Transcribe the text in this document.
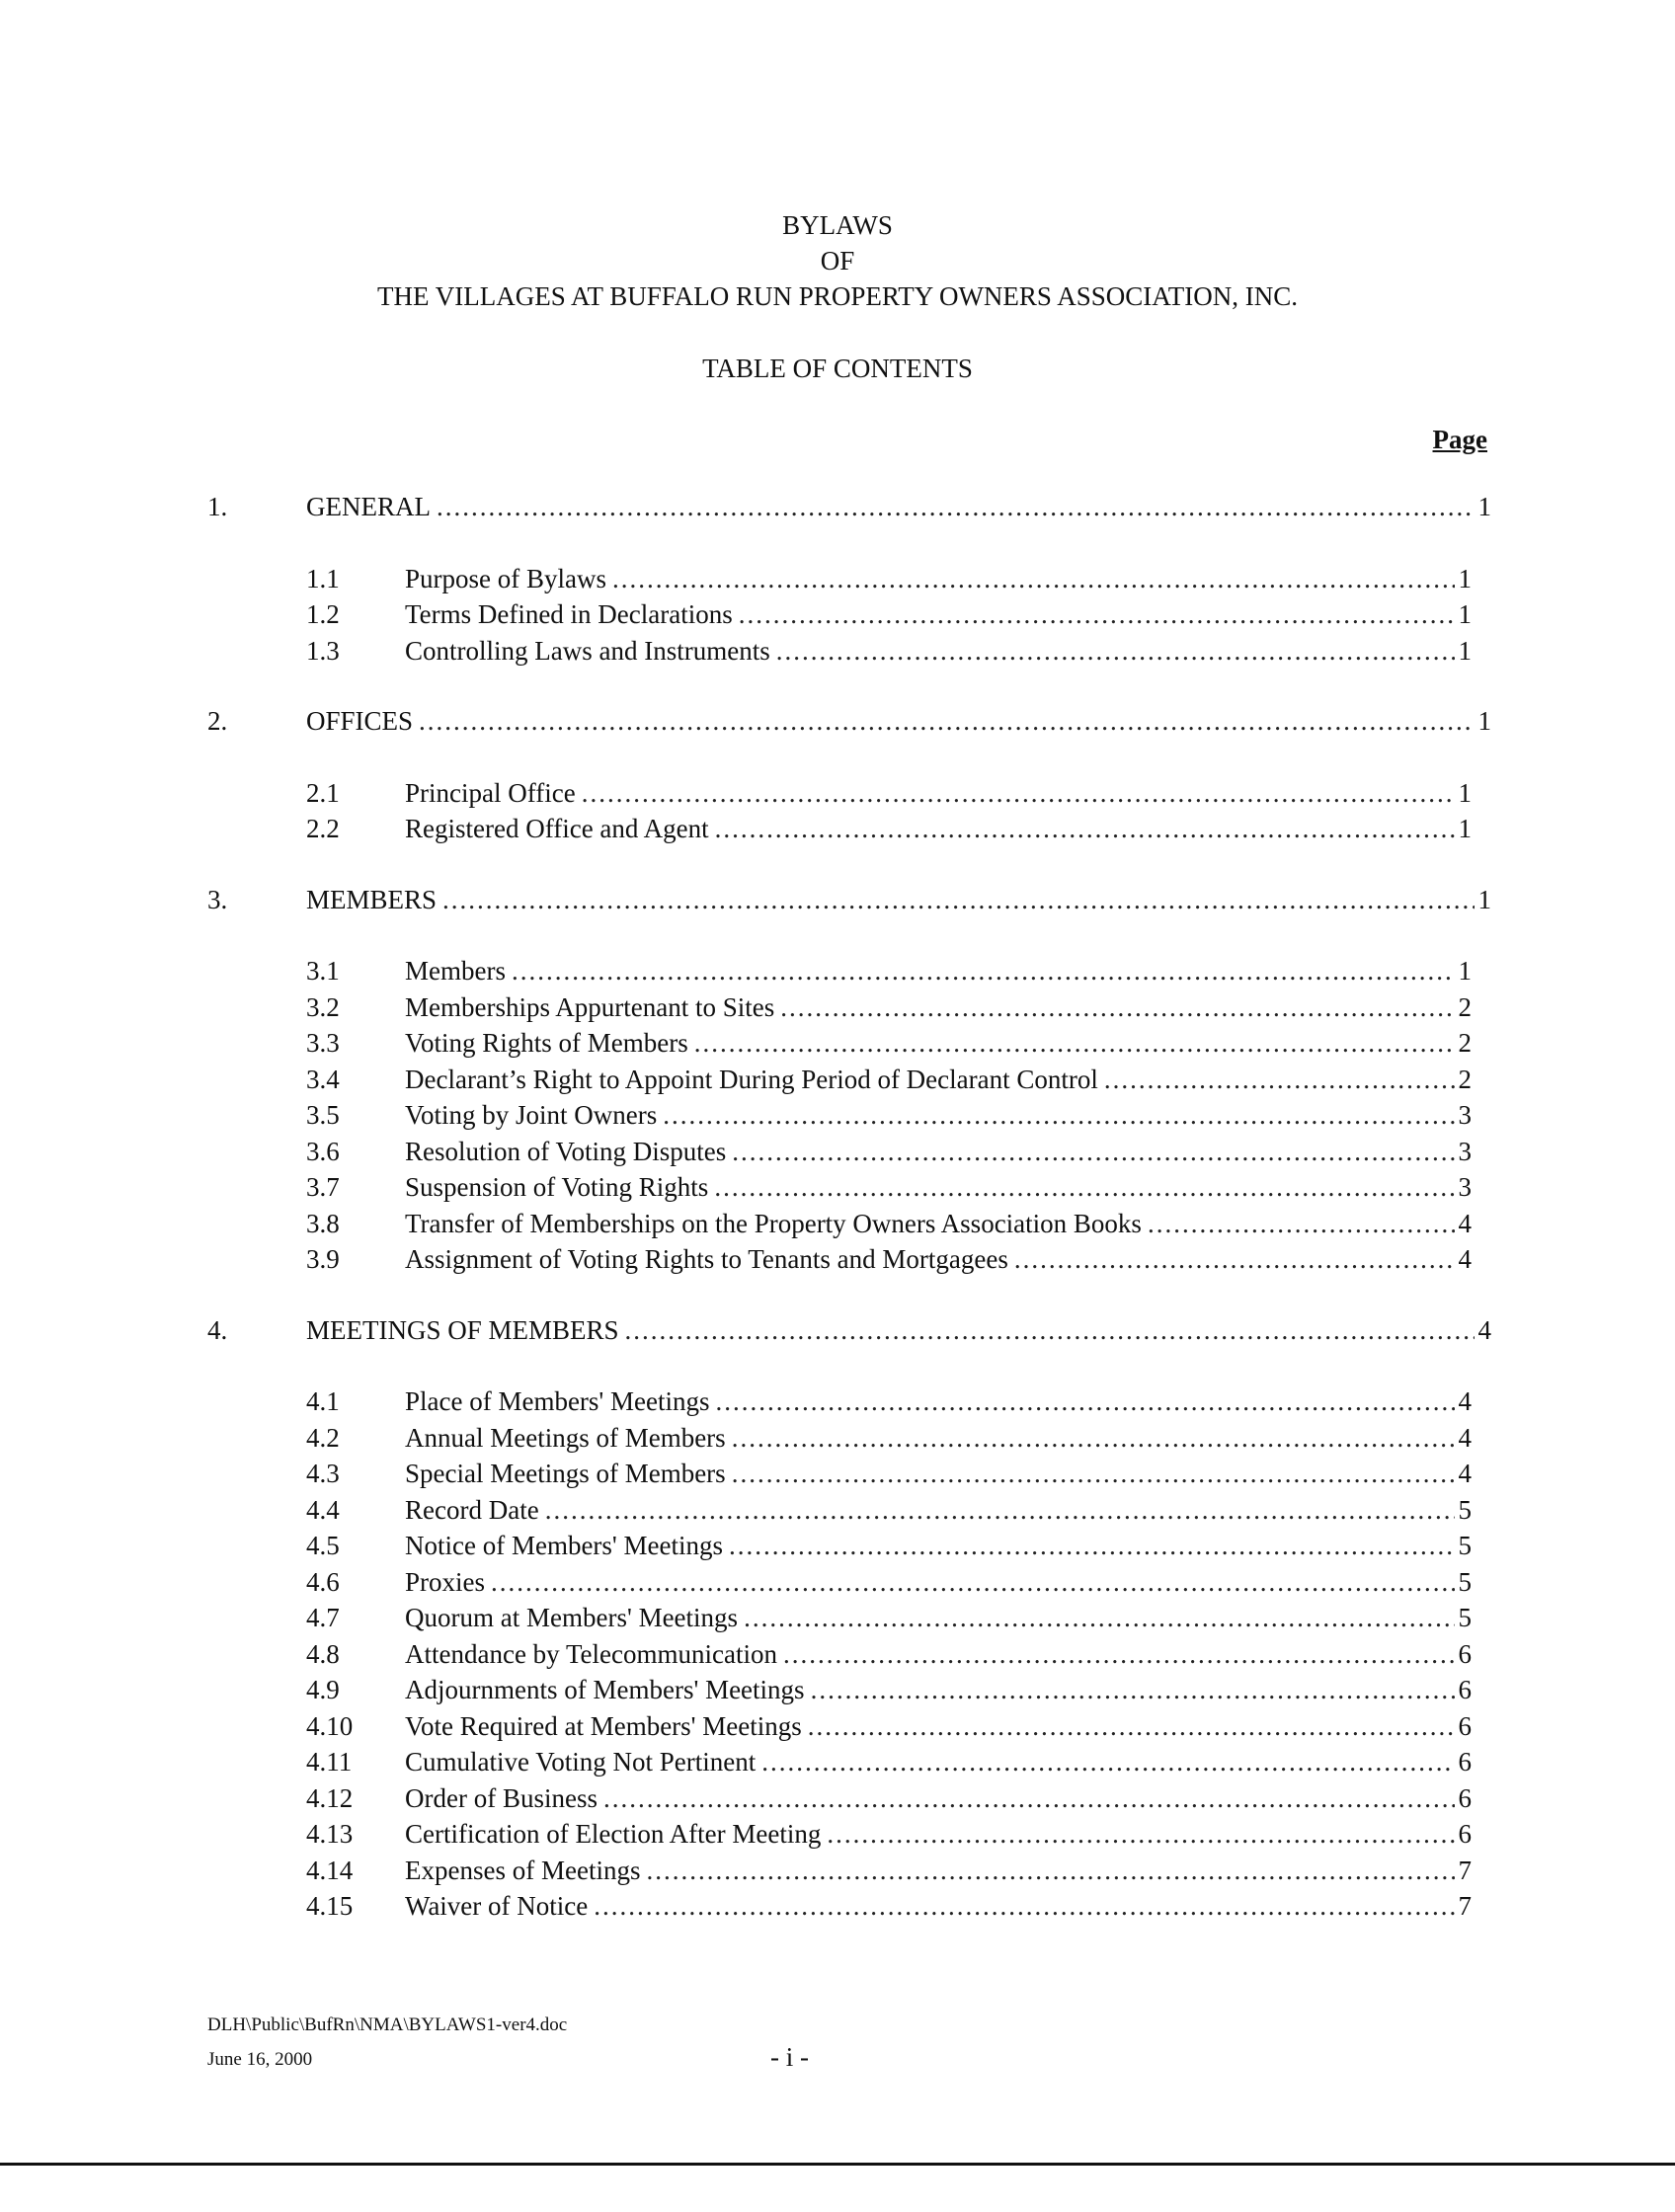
BYLAWS
OF
THE VILLAGES AT BUFFALO RUN PROPERTY OWNERS ASSOCIATION, INC.
TABLE OF CONTENTS
Page
1.	GENERAL .....	1
1.1 Purpose of Bylaws .....	1
1.2 Terms Defined in Declarations .....	1
1.3 Controlling Laws and Instruments .....	1
2.	OFFICES .....	1
2.1 Principal Office .....	1
2.2 Registered Office and Agent .....	1
3.	MEMBERS .....	1
3.1 Members .....	1
3.2 Memberships Appurtenant to Sites .....	2
3.3 Voting Rights of Members .....	2
3.4 Declarant’s Right to Appoint During Period of Declarant Control .....	2
3.5 Voting by Joint Owners .....	3
3.6 Resolution of Voting Disputes .....	3
3.7 Suspension of Voting Rights .....	3
3.8 Transfer of Memberships on the Property Owners Association Books .....	4
3.9 Assignment of Voting Rights to Tenants and Mortgagees .....	4
4.	MEETINGS OF MEMBERS .....	4
4.1 Place of Members' Meetings .....	4
4.2 Annual Meetings of Members .....	4
4.3 Special Meetings of Members .....	4
4.4 Record Date .....	5
4.5 Notice of Members' Meetings .....	5
4.6 Proxies .....	5
4.7 Quorum at Members' Meetings .....	5
4.8 Attendance by Telecommunication .....	6
4.9 Adjournments of Members' Meetings .....	6
4.10 Vote Required at Members' Meetings .....	6
4.11 Cumulative Voting Not Pertinent .....	6
4.12 Order of Business .....	6
4.13 Certification of Election After Meeting .....	6
4.14 Expenses of Meetings .....	7
4.15 Waiver of Notice .....	7
DLH\Public\BufRn\NMA\BYLAWS1-ver4.doc
June 16, 2000	- i -
